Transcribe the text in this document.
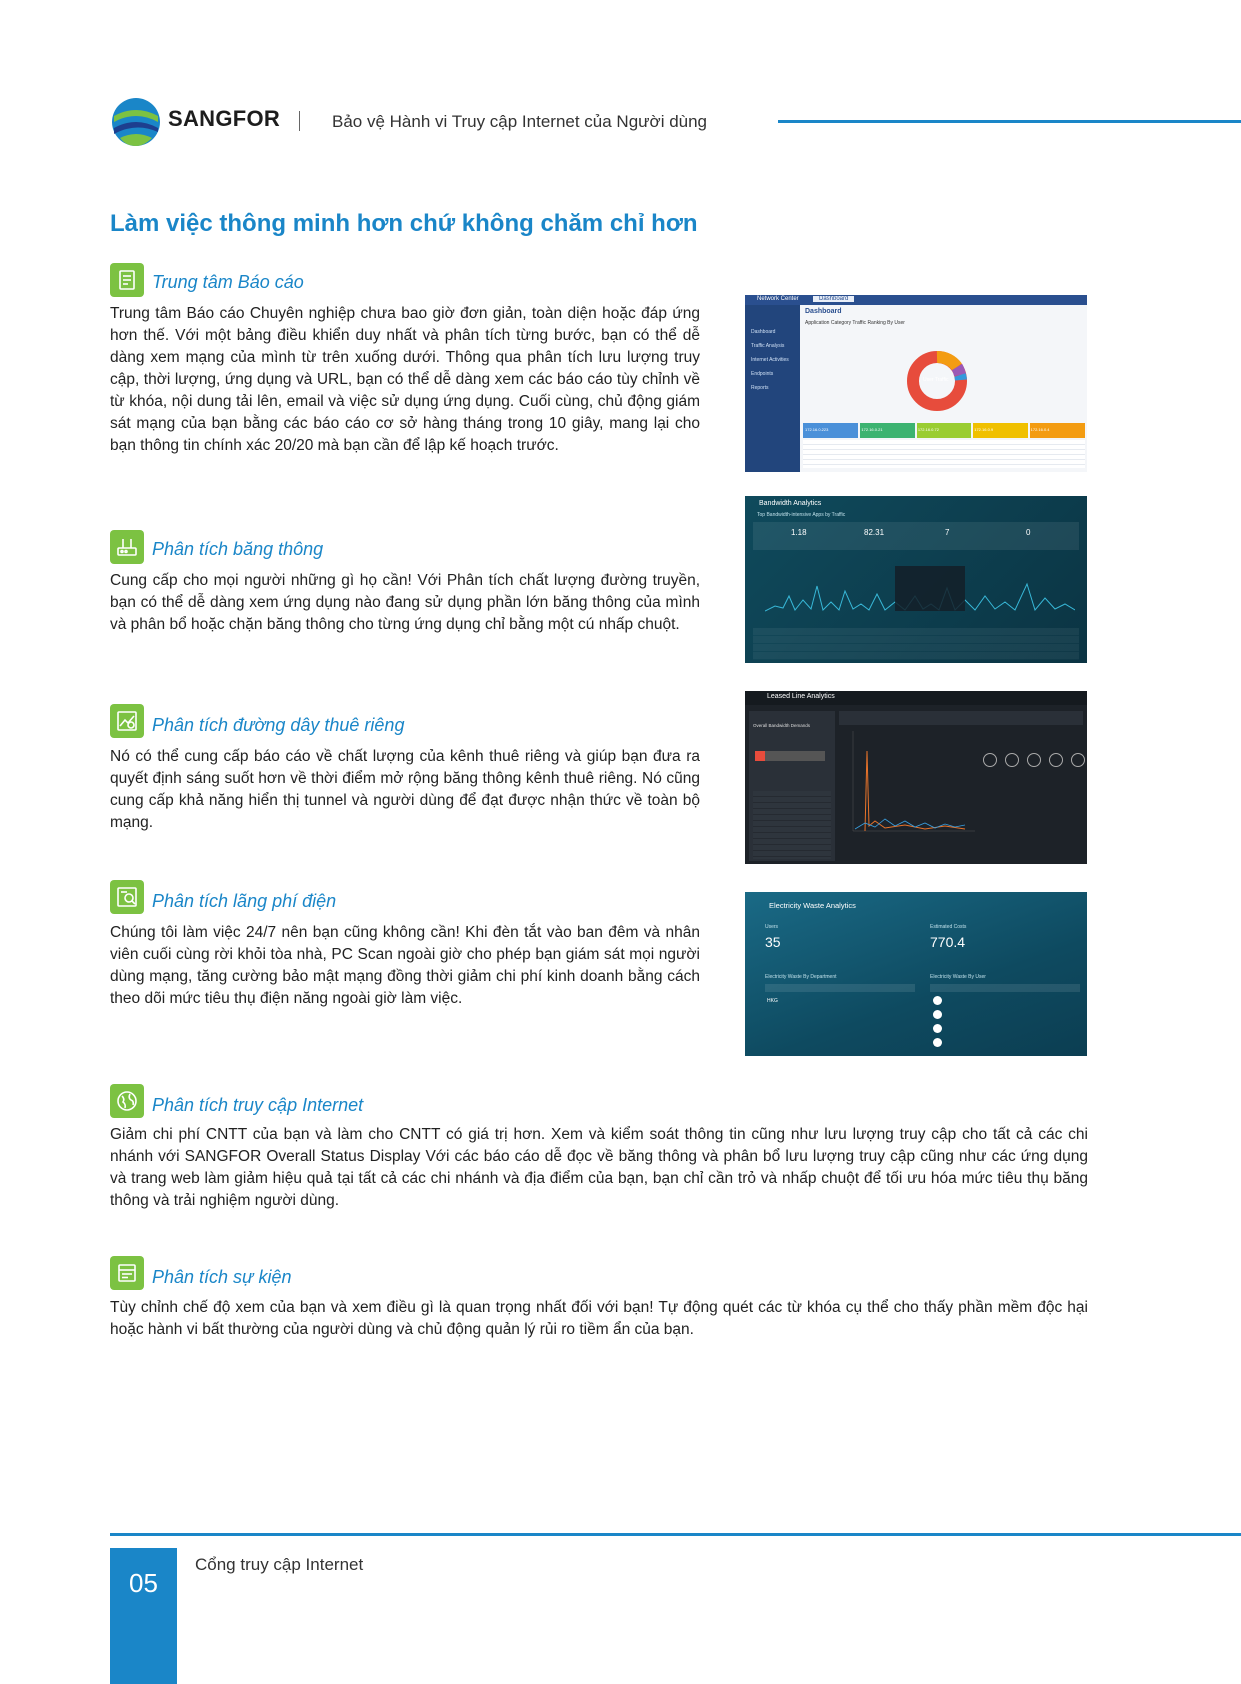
SANGFOR	Bảo vệ Hành vi Truy cập Internet của Người dùng
Làm việc thông minh hơn chứ không chăm chỉ hơn
Trung tâm Báo cáo
Trung tâm Báo cáo Chuyên nghiệp chưa bao giờ đơn giản, toàn diện hoặc đáp ứng hơn thế. Với một bảng điều khiển duy nhất và phân tích từng bước, bạn có thể dễ dàng xem mạng của mình từ trên xuống dưới. Thông qua phân tích lưu lượng truy cập, thời lượng, ứng dụng và URL, bạn có thể dễ dàng xem các báo cáo tùy chỉnh về từ khóa, nội dung tải lên, email và việc sử dụng ứng dụng. Cuối cùng, chủ động giám sát mạng của bạn bằng các báo cáo cơ sở hàng tháng trong 10 giây, mang lại cho bạn thông tin chính xác 20/20 mà bạn cần để lập kế hoạch trước.
Network Center	Dashboard
Dashboard
Traffic Analysis
Internet Activities
Endpoints
Reports
Dashboard
Application Category Traffic Ranking By User
User Traffic
172.16.0.223	172.16.0.21	172.16.0.72	172.16.0.9	172.16.0.4
Phân tích băng thông
Cung cấp cho mọi người những gì họ cần! Với Phân tích chất lượng đường truyền, bạn có thể dễ dàng xem ứng dụng nào đang sử dụng phần lớn băng thông của mình và phân bổ hoặc chặn băng thông cho từng ứng dụng chỉ bằng một cú nhấp chuột.
Bandwidth Analytics
Top Bandwidth-intensive Apps by Traffic
1.18	82.31	7	0
Phân tích đường dây thuê riêng
Nó có thể cung cấp báo cáo về chất lượng của kênh thuê riêng và giúp bạn đưa ra quyết định sáng suốt hơn về thời điểm mở rộng băng thông kênh thuê riêng. Nó cũng cung cấp khả năng hiển thị tunnel và người dùng để đạt được nhận thức về toàn bộ mạng.
Leased Line Analytics
Overall Bandwidth Demands
Phân tích lãng phí điện
Chúng tôi làm việc 24/7 nên bạn cũng không cần! Khi đèn tắt vào ban đêm và nhân viên cuối cùng rời khỏi tòa nhà, PC Scan ngoài giờ cho phép bạn giám sát mọi người dùng mạng, tăng cường bảo mật mạng đồng thời giảm chi phí kinh doanh bằng cách theo dõi mức tiêu thụ điện năng ngoài giờ làm việc.
Electricity Waste Analytics
Users
35
Estimated Costs
770.4
Electricity Waste By Department	Electricity Waste By User
HKG
Phân tích truy cập Internet
Giảm chi phí CNTT của bạn và làm cho CNTT có giá trị hơn. Xem và kiểm soát thông tin cũng như lưu lượng truy cập cho tất cả các chi nhánh với SANGFOR Overall Status Display Với các báo cáo dễ đọc về băng thông và phân bổ lưu lượng truy cập cũng như các ứng dụng và trang web làm giảm hiệu quả tại tất cả các chi nhánh và địa điểm của bạn, bạn chỉ cần trỏ và nhấp chuột để tối ưu hóa mức tiêu thụ băng thông và trải nghiệm người dùng.
Phân tích sự kiện
Tùy chỉnh chế độ xem của bạn và xem điều gì là quan trọng nhất đối với bạn! Tự động quét các từ khóa cụ thể cho thấy phần mềm độc hại hoặc hành vi bất thường của người dùng và chủ động quản lý rủi ro tiềm ẩn của bạn.
05
Cổng truy cập Internet
